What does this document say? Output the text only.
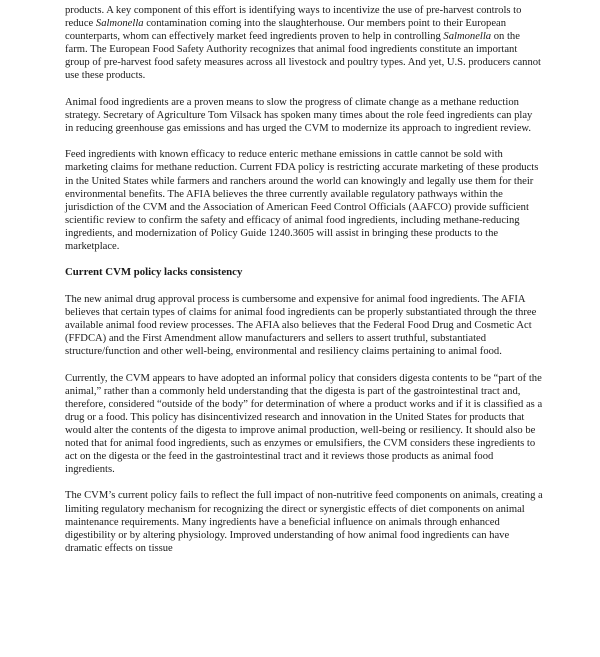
products. A key component of this effort is identifying ways to incentivize the use of pre-harvest controls to reduce Salmonella contamination coming into the slaughterhouse. Our members point to their European counterparts, whom can effectively market feed ingredients proven to help in controlling Salmonella on the farm. The European Food Safety Authority recognizes that animal food ingredients constitute an important group of pre-harvest food safety measures across all livestock and poultry types. And yet, U.S. producers cannot use these products.

Animal food ingredients are a proven means to slow the progress of climate change as a methane reduction strategy. Secretary of Agriculture Tom Vilsack has spoken many times about the role feed ingredients can play in reducing greenhouse gas emissions and has urged the CVM to modernize its approach to ingredient review.

Feed ingredients with known efficacy to reduce enteric methane emissions in cattle cannot be sold with marketing claims for methane reduction. Current FDA policy is restricting accurate marketing of these products in the United States while farmers and ranchers around the world can knowingly and legally use them for their environmental benefits. The AFIA believes the three currently available regulatory pathways within the jurisdiction of the CVM and the Association of American Feed Control Officials (AAFCO) provide sufficient scientific review to confirm the safety and efficacy of animal food ingredients, including methane-reducing ingredients, and modernization of Policy Guide 1240.3605 will assist in bringing these products to the marketplace.

Current CVM policy lacks consistency

The new animal drug approval process is cumbersome and expensive for animal food ingredients. The AFIA believes that certain types of claims for animal food ingredients can be properly substantiated through the three available animal food review processes. The AFIA also believes that the Federal Food Drug and Cosmetic Act (FFDCA) and the First Amendment allow manufacturers and sellers to assert truthful, substantiated structure/function and other well-being, environmental and resiliency claims pertaining to animal food.

Currently, the CVM appears to have adopted an informal policy that considers digesta contents to be “part of the animal,” rather than a commonly held understanding that the digesta is part of the gastrointestinal tract and, therefore, considered “outside of the body” for determination of where a product works and if it is classified as a drug or a food. This policy has disincentivized research and innovation in the United States for products that would alter the contents of the digesta to improve animal production, well-being or resiliency. It should also be noted that for animal food ingredients, such as enzymes or emulsifiers, the CVM considers these ingredients to act on the digesta or the feed in the gastrointestinal tract and it reviews those products as animal food ingredients.

The CVM’s current policy fails to reflect the full impact of non-nutritive feed components on animals, creating a limiting regulatory mechanism for recognizing the direct or synergistic effects of diet components on animal maintenance requirements. Many ingredients have a beneficial influence on animals through enhanced digestibility or by altering physiology. Improved understanding of how animal food ingredients can have dramatic effects on tissue
